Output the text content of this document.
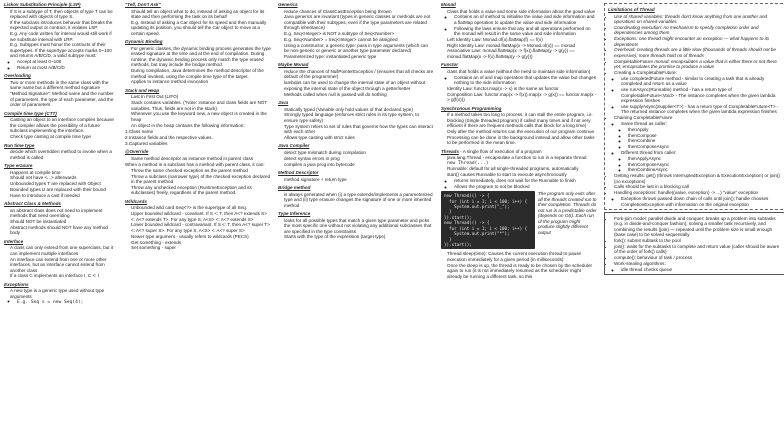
Liskov Substitution Principle (LSP)
• If S is a subtype of T, then objects of type T can be replaced with objects of type S.
• If the subclass introduces behavior that breaks the expected output or contract, it violates LSP.
• E.g. Any code written for interval would still work if we substitute interval with LRP.
• E.g. Subtypes must honor the contracts of their supertypes. If the supertype accepts marks 0~100 and returns A/B/C/D, a valid subtype must:
◦ Accept at least 0~100
◦ Return at most A/B/C/D
Overloading
• Two or more methods in the same class with the same name but a different method signature
• "Method Signature": Method name and the number of parameters, the type of each parameter, and the order of parameters
Compile time type (CTT)
• Casting an object to an interface compiles because the compiler allows the possibility of a future subclass implementing the interface.
• Check type casting at compile time type
Run time type
• decide which overridden method to invoke when a method is called
Type erasure
• Happens at compile time
• Should not have <...> afterwards
• Unbounded types T are replaced with Object
• Bounded types U are replaced with their bound
• Have to introduce a cast if needed
Abstract Class & Methods
• an abstract class does not need to implement methods that need overriding
• Should NOT be instantiated
• Abstract methods should NOT have any method body
Interface
• A class can only extend from one superclass, but it can implement multiple interfaces
• An interface can extend from one or more other interfaces, but an interface cannot extend from another class
• If a class C implements an interface I, C <: I
Exceptions
• A new type is a generic type used without type arguments
◦ E.g. Seq s = new Seq(4);
"Tell, Don't Ask"
• Should tell an object what to do, instead of asking an object for its state and then performing the task on its behalf
• E.g. Instead of asking a Car object for its speed and then manually updating its position, you should tell the Car object to move at a certain speed.
Dynamic Binding
• For generic classes, the dynamic binding process generates the type erased signature at the time and at the end of compilation. During runtime, the dynamic binding process only match the type erased methods, but may include the bridge method.
• During compilation, Java determines the method descriptor of the method invoked, using the compile time type of the target.
• Applies to instance method invocation
Stack and Heap
• Last In First Out (LIFO)
• Stack contains variables. ("Note: instance and class fields are NOT variables. Thus, fields are not in the stack)
• Whenever you use the keyword new, a new object is created in the heap
• An object in the heap contains the following information:
1.Class name
2.Instance fields and the respective values.
3.Captured variables
@Override
• Same method descriptor as instance method in parent class
When a method in a subclass has a method with parent class, it can:
• Throw the same checked exception as the parent method
• Throw a subclass (narrower type) of the checked exception declared in the parent method
• Throw any unchecked exception (RuntimeException and its subclasses) freely, regardless of the parent method.
Wildcards
• Unbounded wild card Seq<?> is the supertype of all Seq.
• Upper bounded wildcard - covariant. If S <: T, then A<? extends S> <: A<? extends T>. For any type S, A<S> <: A<? extends S>
• Lower bounded wildcard - contravariant. If S <: T, then A<? super T> <: A<? super S>. For any type S, A<S> <: A<? super S>
• Newer type argument - usually refers to wildcards (PECS)
• Get something - extends
• Set something - super
Generics
• reduce chances of ClassCastException being thrown
• Java generics are invariant (types in generic classes or methods are not compatible with their subtypes, even if the type parameters are related through inheritance)
• E.g. Seq<Integer> is NOT a subtype of Seq<Number>
• E.g. Seq<Number> = Seq<Integer> cannot be assigned
• Using a constructor, a generic type: pass in type arguments (which can be non-generic or generic or another type parameter declared)
• Parameterized type: instantiated generic type
Maybe Monad
• reduce the chances of NullPointerException / (ensures that all checks are default of the programmer)
• lambdas can be used to change the internal state of an object without exposing the internal state of the object through a getter/setter
• Methods called when null is passed will do nothing
Java
• Statically typed (Variable only hold values of that declared type)
• Strongly typed language (enforces strict rules in its type system, to ensure type safety)
• Type system refers to set of rules that governs how the types can interact with each other
• Allows type casting with strict rules
Java Compiler
• detect type mismatch during compilation
• detect syntax errors in prog
• compiles a java prog into bytecode
Method Descriptor
• method signature + return type
Bridge method
• is always generated when (i) a type extends/implements a parameterized type and (ii) type erasure changes the signature of one or more inherited method
Type Inference
• looks for all possible types that match a given type parameter and picks the most specific one without not violating any additional subclasses that are specified in the type constraints
• Starts with the type of the expression (target type)
Monad
• Class that holds a value and some side information about the good value
◦ Contains an of method to initialise the value and side information and a flatMap operation to update the value and side information
◦ Following the laws ensure that any and all operations performed on the monad will result in the same value and side information
• Left Identity Law: Monad.of(x).flatMap(f) == f(x)
• Right Identity Law: monad.flatMap(x -> Monad.of(x)) == monad
• Associative Law: monad.flatMap(x -> f(x)).flatMap(y -> g(y)) == monad.flatMap(x -> f(x).flatMap(y -> g(y)))
Functor
• class that holds a value (without the need to maintain side information)
◦ Contains an of and map operation that updates the value but changes nothing to the side information
• Identity Law: functor.map(x -> x) is the same as functor
• Composition Law: functor.map(x -> f(x)).map(x -> g(x)) == functor.map(x -> g(f(x)))
Synchronous Programming
• If a method takes too long to process, it can stall the entire program, i.e. blocking (Single threaded program) if called many times and if not very efficient if there are frequent methods calls that block for a long time)
• Only after the method returns can the execution of our program continue
• Processing can be done in the background instead and allow other tasks to be performed in the mean time.
Threads - A single flow of execution of a program
• java.lang.Thread - encapsulate a function to run in a separate thread
• new Thread(...)
• Runnable: default for all single-threaded programs, automatically
• start() causes Runnable to start to execute asynchronously
◦ returns immediately, does not wait for the Runnable to finish
◦ Allows the program to not be blocked
new Thread(() -> {
for (int i = 1; i < 100; i++) {
System.out.print("_");
}
}).start();
new Thread(() -> {
for (int i = 1; i < 100; i++) {
System.out.print("*");
}
}).start();
The program only exits after all the threads created run to their completion. Threads do not run in a predictable order (depends on OS). Each run of the program might produce slightly different output
• Thread.sleep(time): Causes the current execution thread to pause execution immediately for a given period (in milliseconds)
• Once the sleep is up, the thread is ready to be chosen by the scheduler again to run (it is not immediately resumed as the scheduler might already be running a different task, so this
Limitations of Thread
• Use of shared variables: threads don't know anything from one another and operations on shared variables
• Coordinating execution: no mechanism to specify completion order and dependencies among them
• Exceptions: one thread might encounter an exception — what happens to its dependents
• Overhead: creating threads are a little slow (thousands of threads should not be expensive); more threads hold no of threads
• CompletableFuture monad: encapsulates a value that is either there or not there yet; encapsulates the promise to produce a value
• Creating a CompletableFuture:
◦ use completedFuture method - similar to creating a task that is already completed and return us a value
◦ use runAsync(Runnable) method - has a return type of CompletableFuture<Void> - The instance completes when the given lambda expression finishes
◦ use supplyAsync(Supplier<T>) - has a return type of CompletableFuture<T> - The returned instance completes when the given lambda expression finishes
• Chaining CompletableFuture
◦ Same thread as caller:
◦ thenApply
◦ thenCompose
◦ thenCombine
◦ thenComposeAsync
◦ Different thread from caller:
◦ thenApplyAsync
◦ thenComposeAsync
◦ thenCombineAsync
• Getting results: get() (throws InterruptedException & ExecutionException) or join() (no exceptions)
• Calls should be last in a blocking call
• Handling exceptions: handle((value, exception) -> ...) "value" exception
◦ Exception thrown passed down chain of calls until join(); handle chooses CompletionException with information on the original exception
• Fork-join model: parallel divide and conquer: breaks up a problem into subtasks (e.g. in divide-and-conquer fashion), solving a smaller task recursively, and combining the results (join) — repeated until the problem size is small enough (base case) to be solved sequentially
• fork(): submit subtask to the pool
• join(): waits for the subtasks to complete and return value (caller should be aware of the order of fork() calls)
• compute(): behaviour of task / process
• Work-stealing algorithms:
◦ idle thread checks queue
